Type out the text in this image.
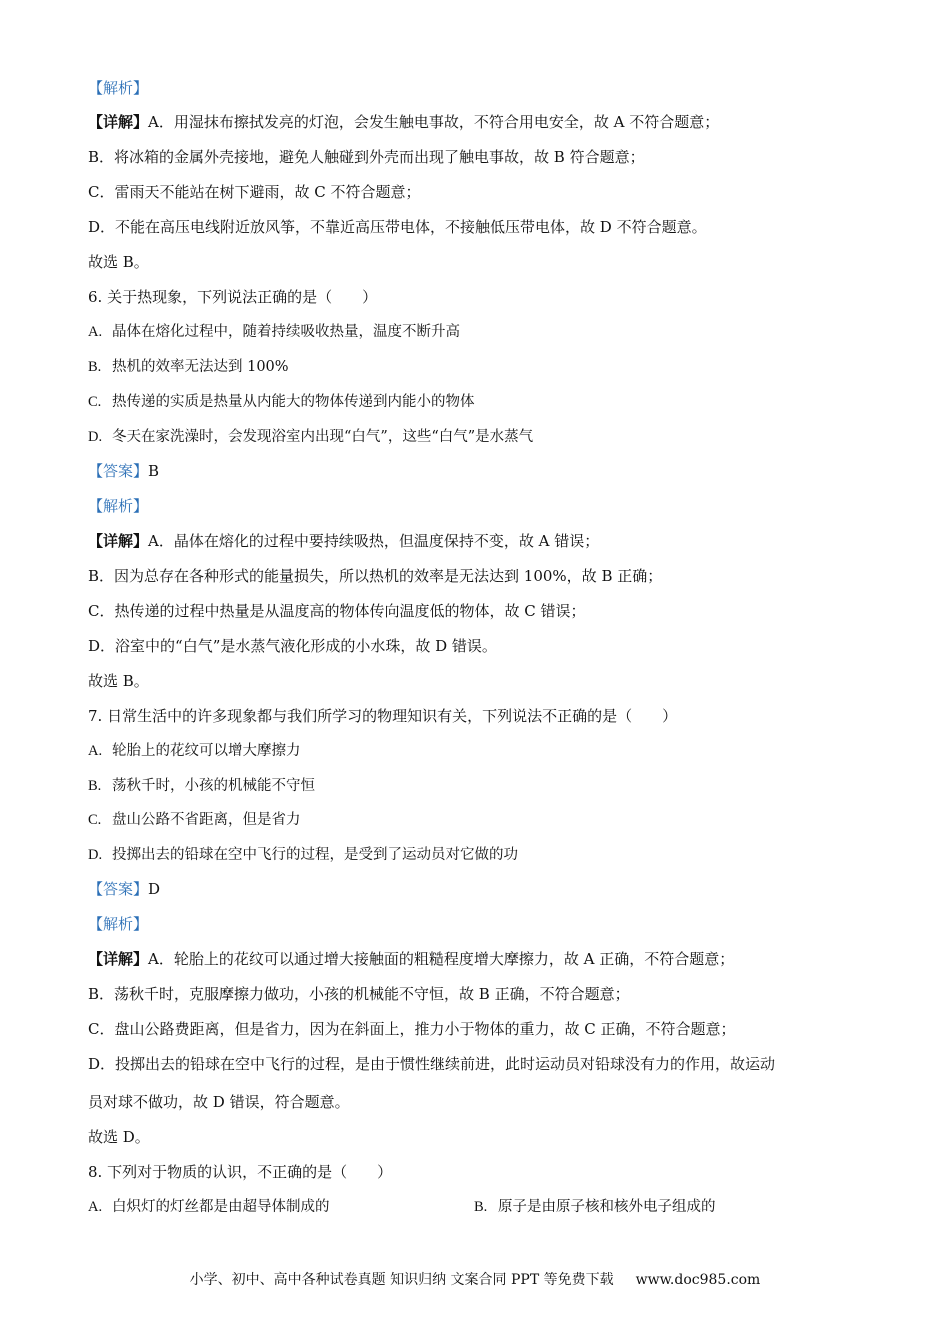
【解析】
【详解】A．用湿抹布擦拭发亮的灯泡，会发生触电事故，不符合用电安全，故 A 不符合题意；
B．将冰箱的金属外壳接地，避免人触碰到外壳而出现了触电事故，故 B 符合题意；
C．雷雨天不能站在树下避雨，故 C 不符合题意；
D．不能在高压电线附近放风筝，不靠近高压带电体，不接触低压带电体，故 D 不符合题意。
故选 B。
6. 关于热现象，下列说法正确的是（　　）
A. 晶体在熔化过程中，随着持续吸收热量，温度不断升高
B. 热机的效率无法达到 100%
C. 热传递的实质是热量从内能大的物体传递到内能小的物体
D. 冬天在家洗澡时，会发现浴室内出现“白气”，这些“白气”是水蒸气
【答案】B
【解析】
【详解】A．晶体在熔化的过程中要持续吸热，但温度保持不变，故 A 错误；
B．因为总存在各种形式的能量损失，所以热机的效率是无法达到 100%，故 B 正确；
C．热传递的过程中热量是从温度高的物体传向温度低的物体，故 C 错误；
D．浴室中的“白气”是水蒸气液化形成的小水珠，故 D 错误。
故选 B。
7. 日常生活中的许多现象都与我们所学习的物理知识有关，下列说法不正确的是（　　）
A. 轮胎上的花纹可以增大摩擦力
B. 荡秋千时，小孩的机械能不守恒
C. 盘山公路不省距离，但是省力
D. 投掷出去的铅球在空中飞行的过程，是受到了运动员对它做的功
【答案】D
【解析】
【详解】A．轮胎上的花纹可以通过增大接触面的粗糙程度增大摩擦力，故 A 正确，不符合题意；
B．荡秋千时，克服摩擦力做功，小孩的机械能不守恒，故 B 正确，不符合题意；
C．盘山公路费距离，但是省力，因为在斜面上，推力小于物体的重力，故 C 正确，不符合题意；
D．投掷出去的铅球在空中飞行的过程，是由于惯性继续前进，此时运动员对铅球没有力的作用，故运动
员对球不做功，故 D 错误，符合题意。
故选 D。
8. 下列对于物质的认识，不正确的是（　　）
A. 白炽灯的灯丝都是由超导体制成的	B. 原子是由原子核和核外电子组成的
小学、初中、高中各种试卷真题 知识归纳 文案合同 PPT 等免费下载 www.doc985.com
